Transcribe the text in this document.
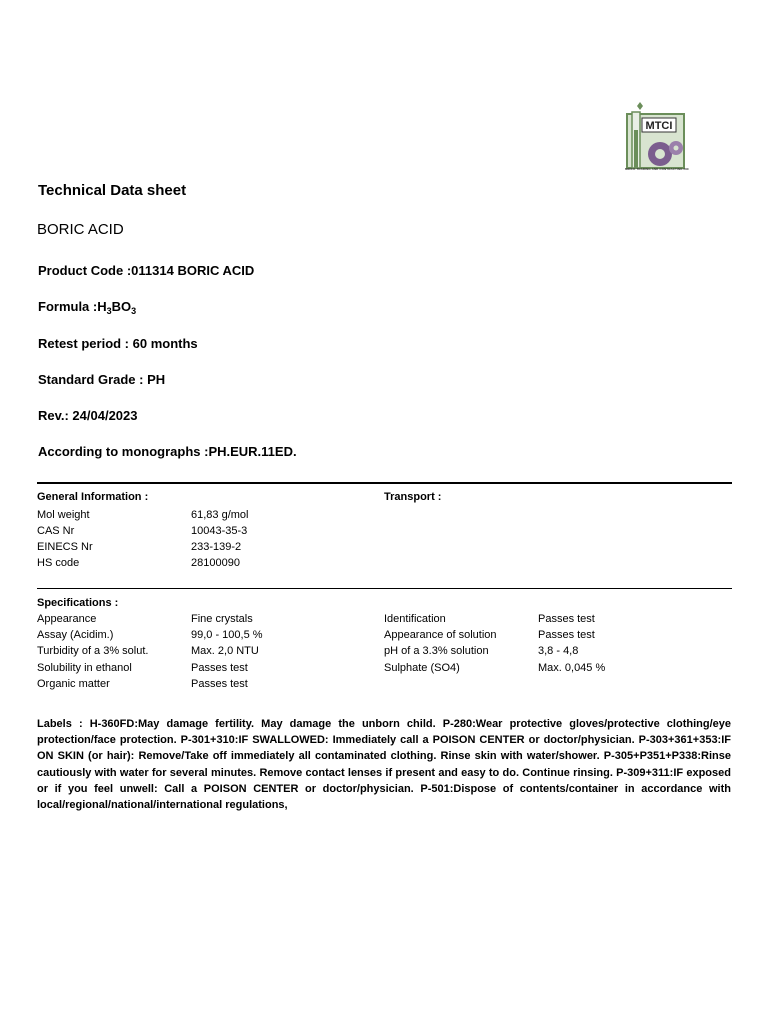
MTCI
MIRCO TRADING AND CONTRACTING INC
Technical Data sheet
BORIC ACID
Product Code :011314 BORIC ACID
Formula $:H_3BO_3$
Retest period : 60 months
Standard Grade : PH
Rev.: 24/04/2023
According to monographs :PH.EUR.11ED.
General Information :	Transport :
Mol weight	61,83 g/mol
CAS Nr	10043-35-3
EINECS Nr	233-139-2
HS code	28100090
Specifications :
Appearance	Fine crystals	Identification	Passes test
Assay (Acidim.)	99,0 - 100,5 %	Appearance of solution	Passes test
Turbidity of a 3% solut.	Max. 2,0 NTU	pH of a 3.3% solution	3,8 - 4,8
Solubility in ethanol	Passes test	Sulphate (SO4)	Max. 0,045 %
Organic matter	Passes test
Labels : H-360FD:May damage fertility. May damage the unborn child. P-280:Wear protective gloves/protective clothing/eye protection/face protection. P-301+310:IF SWALLOWED: Immediately call a POISON CENTER or doctor/physician. P-303+361+353:IF ON SKIN (or hair): Remove/Take off immediately all contaminated clothing. Rinse skin with water/shower. P-305+P351+P338:Rinse cautiously with water for several minutes. Remove contact lenses if present and easy to do. Continue rinsing. P-309+311:IF exposed or if you feel unwell: Call a POISON CENTER or doctor/physician. P-501:Dispose of contents/container in accordance with local/regional/national/international regulations,
